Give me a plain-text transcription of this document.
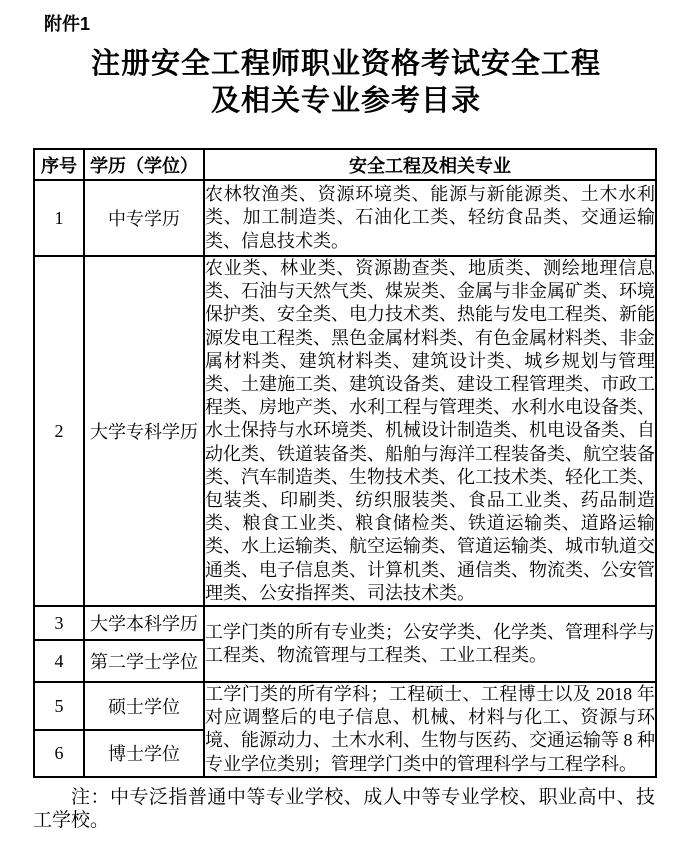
附件1
注册安全工程师职业资格考试安全工程
及相关专业参考目录
序号	学历（学位）	安全工程及相关专业
1	中专学历	农林牧渔类、资源环境类、能源与新能源类、土木水利类、加工制造类、石油化工类、轻纺食品类、交通运输类、信息技术类。
2	大学专科学历	农业类、林业类、资源勘查类、地质类、测绘地理信息类、石油与天然气类、煤炭类、金属与非金属矿类、环境保护类、安全类、电力技术类、热能与发电工程类、新能源发电工程类、黑色金属材料类、有色金属材料类、非金属材料类、建筑材料类、建筑设计类、城乡规划与管理类、土建施工类、建筑设备类、建设工程管理类、市政工程类、房地产类、水利工程与管理类、水利水电设备类、水土保持与水环境类、机械设计制造类、机电设备类、自动化类、铁道装备类、船舶与海洋工程装备类、航空装备类、汽车制造类、生物技术类、化工技术类、轻化工类、包装类、印刷类、纺织服装类、食品工业类、药品制造类、粮食工业类、粮食储检类、铁道运输类、道路运输类、水上运输类、航空运输类、管道运输类、城市轨道交通类、电子信息类、计算机类、通信类、物流类、公安管理类、公安指挥类、司法技术类。
3	大学本科学历	工学门类的所有专业类；公安学类、化学类、管理科学与工程类、物流管理与工程类、工业工程类。
4	第二学士学位	
5	硕士学位	工学门类的所有学科；工程硕士、工程博士以及 2018 年对应调整后的电子信息、机械、材料与化工、资源与环境、能源动力、土木水利、生物与医药、交通运输等 8 种专业学位类别；管理学门类中的管理科学与工程学科。
6	博士学位	

注：中专泛指普通中等专业学校、成人中等专业学校、职业高中、技工学校。
